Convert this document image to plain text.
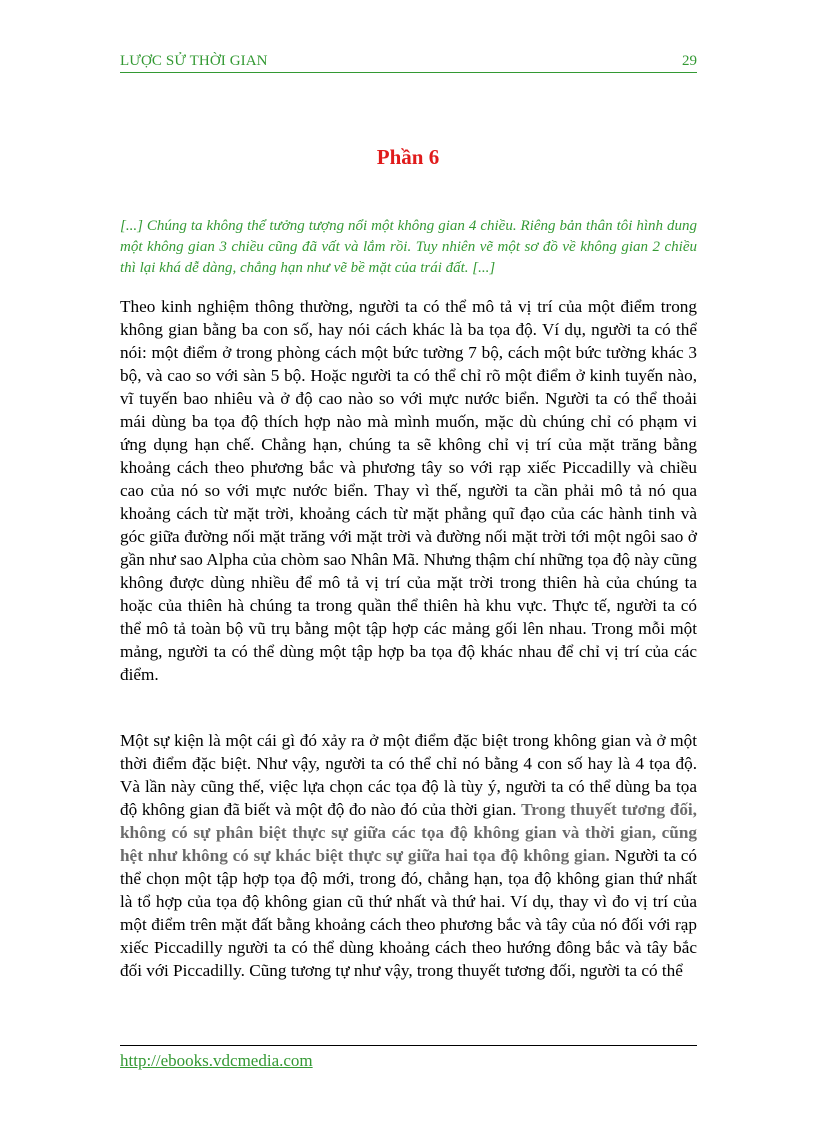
LƯỢC SỬ THỜI GIAN	29
Phần 6

[...] Chúng ta không thể tưởng tượng nổi một không gian 4 chiều. Riêng bản thân tôi hình dung một không gian 3 chiều cũng đã vất và lắm rồi. Tuy nhiên vẽ một sơ đồ về không gian 2 chiều thì lại khá dễ dàng, chẳng hạn như vẽ bề mặt của trái đất. [...]

Theo kinh nghiệm thông thường, người ta có thể mô tả vị trí của một điểm trong không gian bằng ba con số, hay nói cách khác là ba tọa độ. Ví dụ, người ta có thể nói: một điểm ở trong phòng cách một bức tường 7 bộ, cách một bức tường khác 3 bộ, và cao so với sàn 5 bộ. Hoặc người ta có thể chỉ rõ một điểm ở kinh tuyến nào, vĩ tuyến bao nhiêu và ở độ cao nào so với mực nước biển. Người ta có thể thoải mái dùng ba tọa độ thích hợp nào mà mình muốn, mặc dù chúng chỉ có phạm vi ứng dụng hạn chế. Chẳng hạn, chúng ta sẽ không chỉ vị trí của mặt trăng bằng khoảng cách theo phương bắc và phương tây so với rạp xiếc Piccadilly và chiều cao của nó so với mực nước biển. Thay vì thế, người ta cần phải mô tả nó qua khoảng cách từ mặt trời, khoảng cách từ mặt phẳng quĩ đạo của các hành tinh và góc giữa đường nối mặt trăng với mặt trời và đường nối mặt trời tới một ngôi sao ở gần như sao Alpha của chòm sao Nhân Mã. Nhưng thậm chí những tọa độ này cũng không được dùng nhiều để mô tả vị trí của mặt trời trong thiên hà của chúng ta hoặc của thiên hà chúng ta trong quần thể thiên hà khu vực. Thực tế, người ta có thể mô tả toàn bộ vũ trụ bằng một tập hợp các mảng gối lên nhau. Trong mỗi một mảng, người ta có thể dùng một tập hợp ba tọa độ khác nhau để chỉ vị trí của các điểm.

Một sự kiện là một cái gì đó xảy ra ở một điểm đặc biệt trong không gian và ở một thời điểm đặc biệt. Như vậy, người ta có thể chỉ nó bằng 4 con số hay là 4 tọa độ. Và lần này cũng thế, việc lựa chọn các tọa độ là tùy ý, người ta có thể dùng ba tọa độ không gian đã biết và một độ đo nào đó của thời gian. Trong thuyết tương đối, không có sự phân biệt thực sự giữa các tọa độ không gian và thời gian, cũng hệt như không có sự khác biệt thực sự giữa hai tọa độ không gian. Người ta có thể chọn một tập hợp tọa độ mới, trong đó, chẳng hạn, tọa độ không gian thứ nhất là tổ hợp của tọa độ không gian cũ thứ nhất và thứ hai. Ví dụ, thay vì đo vị trí của một điểm trên mặt đất bằng khoảng cách theo phương bắc và tây của nó đối với rạp xiếc Piccadilly người ta có thể dùng khoảng cách theo hướng đông bắc và tây bắc đối với Piccadilly. Cũng tương tự như vậy, trong thuyết tương đối, người ta có thể

http://ebooks.vdcmedia.com
